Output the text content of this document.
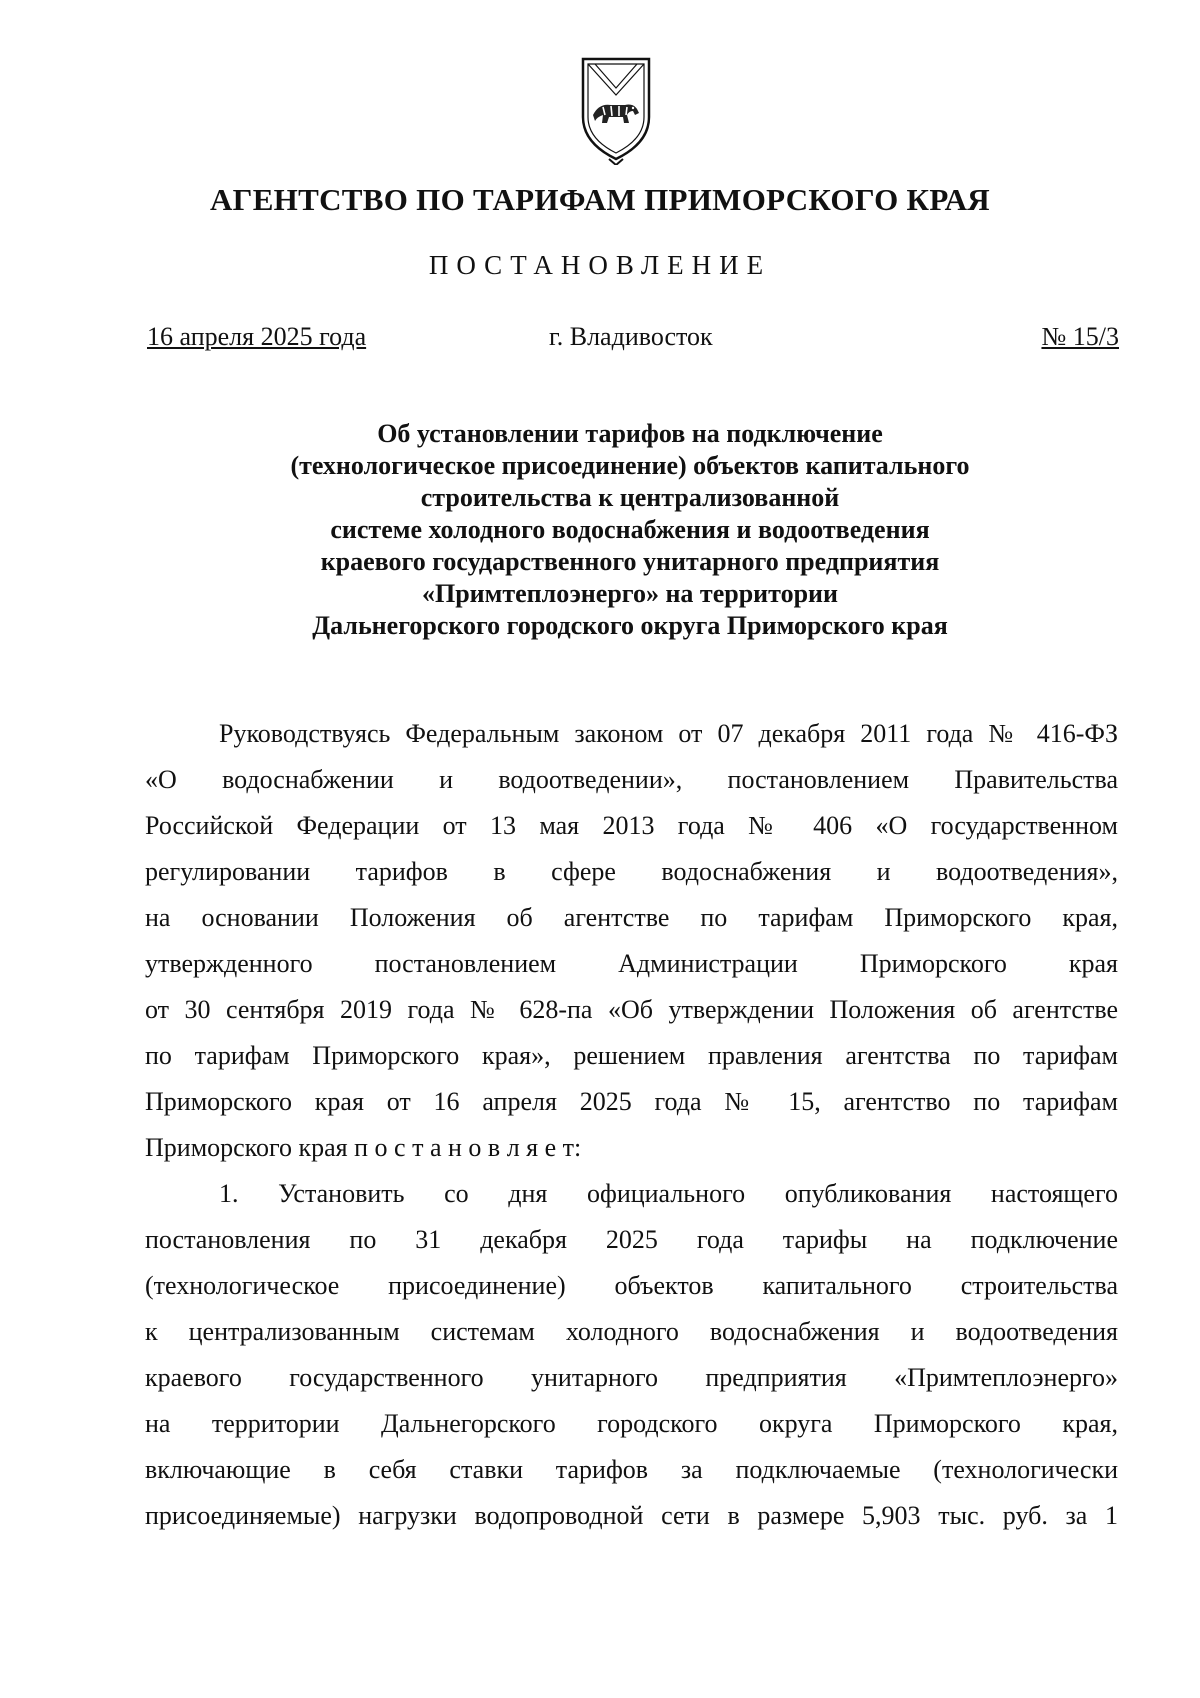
АГЕНТСТВО ПО ТАРИФАМ ПРИМОРСКОГО КРАЯ
ПОСТАНОВЛЕНИЕ
16 апреля 2025 года	г. Владивосток	№ 15/3
Об установлении тарифов на подключение
(технологическое присоединение) объектов капитального
строительства к централизованной
системе холодного водоснабжения и водоотведения
краевого государственного унитарного предприятия
«Примтеплоэнерго» на территории
Дальнегорского городского округа Приморского края
Руководствуясь Федеральным законом от 07 декабря 2011 года № 416-ФЗ
«О водоснабжении и водоотведении», постановлением Правительства
Российской Федерации от 13 мая 2013 года № 406 «О государственном
регулировании тарифов в сфере водоснабжения и водоотведения»,
на основании Положения об агентстве по тарифам Приморского края,
утвержденного постановлением Администрации Приморского края
от 30 сентября 2019 года № 628-па «Об утверждении Положения об агентстве
по тарифам Приморского края», решением правления агентства по тарифам
Приморского края от 16 апреля 2025 года № 15, агентство по тарифам
Приморского края п о с т а н о в л я е т:
1. Установить со дня официального опубликования настоящего
постановления по 31 декабря 2025 года тарифы на подключение
(технологическое присоединение) объектов капитального строительства
к централизованным системам холодного водоснабжения и водоотведения
краевого государственного унитарного предприятия «Примтеплоэнерго»
на территории Дальнегорского городского округа Приморского края,
включающие в себя ставки тарифов за подключаемые (технологически
присоединяемые) нагрузки водопроводной сети в размере 5,903 тыс. руб. за 1
